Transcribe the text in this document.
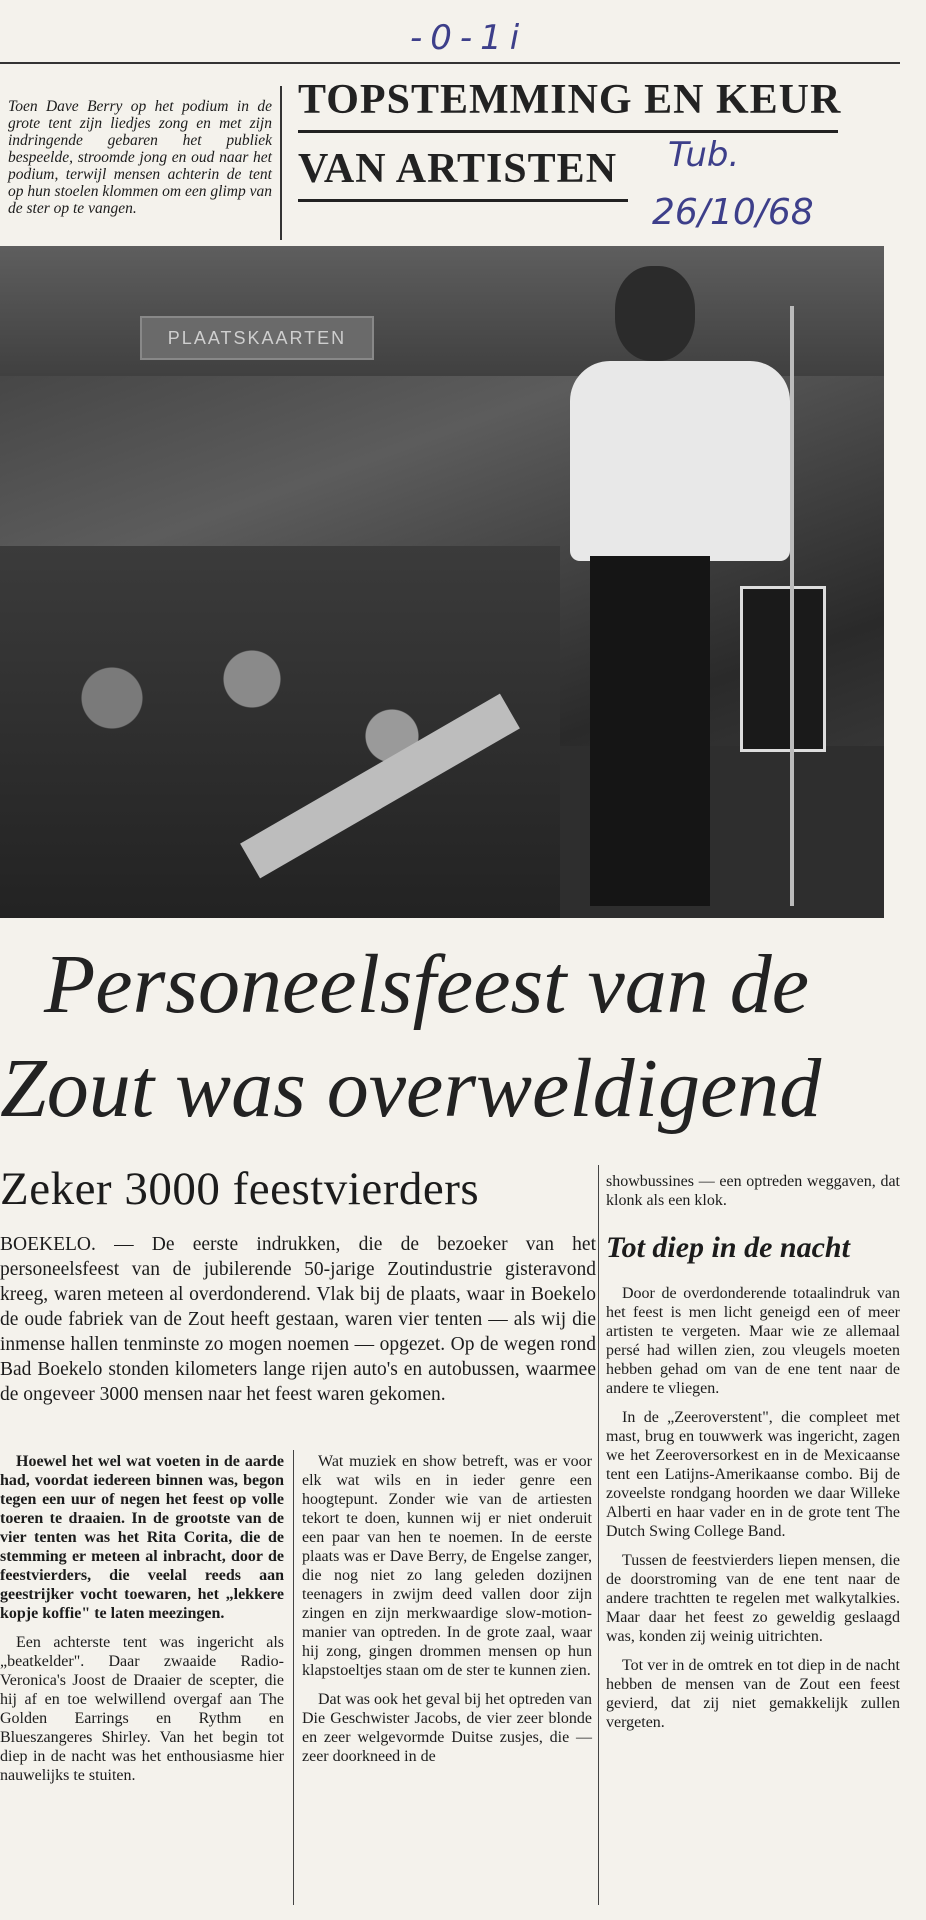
-0-1i
Tub.
26/10/68
Toen Dave Berry op het podium in de grote tent zijn liedjes zong en met zijn indringende gebaren het publiek bespeelde, stroomde jong en oud naar het podium, terwijl mensen achterin de tent op hun stoelen klommen om een glimp van de ster op te vangen.
TOPSTEMMING EN KEUR
VAN ARTISTEN
PLAATSKAARTEN
Personeelsfeest van de
Zout was overweldigend
Zeker 3000 feestvierders
BOEKELO. — De eerste indrukken, die de bezoeker van het personeelsfeest van de jubilerende 50-jarige Zoutindustrie gisteravond kreeg, waren meteen al overdonderend. Vlak bij de plaats, waar in Boekelo de oude fabriek van de Zout heeft gestaan, waren vier tenten — als wij die inmense hallen tenminste zo mogen noemen — opgezet. Op de wegen rond Bad Boekelo stonden kilometers lange rijen auto's en autobussen, waarmee de ongeveer 3000 mensen naar het feest waren gekomen.

Hoewel het wel wat voeten in de aarde had, voordat iedereen binnen was, begon tegen een uur of negen het feest op volle toeren te draaien. In de grootste van de vier tenten was het Rita Corita, die de stemming er meteen al inbracht, door de feestvierders, die veelal reeds aan geestrijker vocht toewaren, het „lekkere kopje koffie" te laten meezingen.

Een achterste tent was ingericht als „beatkelder". Daar zwaaide Radio-Veronica's Joost de Draaier de scepter, die hij af en toe welwillend overgaf aan The Golden Earrings en Rythm en Blueszangeres Shirley. Van het begin tot diep in de nacht was het enthousiasme hier nauwelijks te stuiten.

Wat muziek en show betreft, was er voor elk wat wils en in ieder genre een hoogtepunt. Zonder wie van de artiesten tekort te doen, kunnen wij er niet onderuit een paar van hen te noemen. In de eerste plaats was er Dave Berry, de Engelse zanger, die nog niet zo lang geleden dozijnen teenagers in zwijm deed vallen door zijn zingen en zijn merkwaardige slow-motion-manier van optreden. In de grote zaal, waar hij zong, gingen drommen mensen op hun klapstoeltjes staan om de ster te kunnen zien.

Dat was ook het geval bij het optreden van Die Geschwister Jacobs, de vier zeer blonde en zeer welgevormde Duitse zusjes, die — zeer doorkneed in de

showbussines — een optreden weggaven, dat klonk als een klok.

Tot diep in de nacht

Door de overdonderende totaalindruk van het feest is men licht geneigd een of meer artisten te vergeten. Maar wie ze allemaal persé had willen zien, zou vleugels moeten hebben gehad om van de ene tent naar de andere te vliegen.

In de „Zeeroverstent", die compleet met mast, brug en touwwerk was ingericht, zagen we het Zeeroversorkest en in de Mexicaanse tent een Latijns-Amerikaanse combo. Bij de zoveelste rondgang hoorden we daar Willeke Alberti en haar vader en in de grote tent The Dutch Swing College Band.

Tussen de feestvierders liepen mensen, die de doorstroming van de ene tent naar de andere trachtten te regelen met walkytalkies. Maar daar het feest zo geweldig geslaagd was, konden zij weinig uitrichten.

Tot ver in de omtrek en tot diep in de nacht hebben de mensen van de Zout een feest gevierd, dat zij niet gemakkelijk zullen vergeten.
